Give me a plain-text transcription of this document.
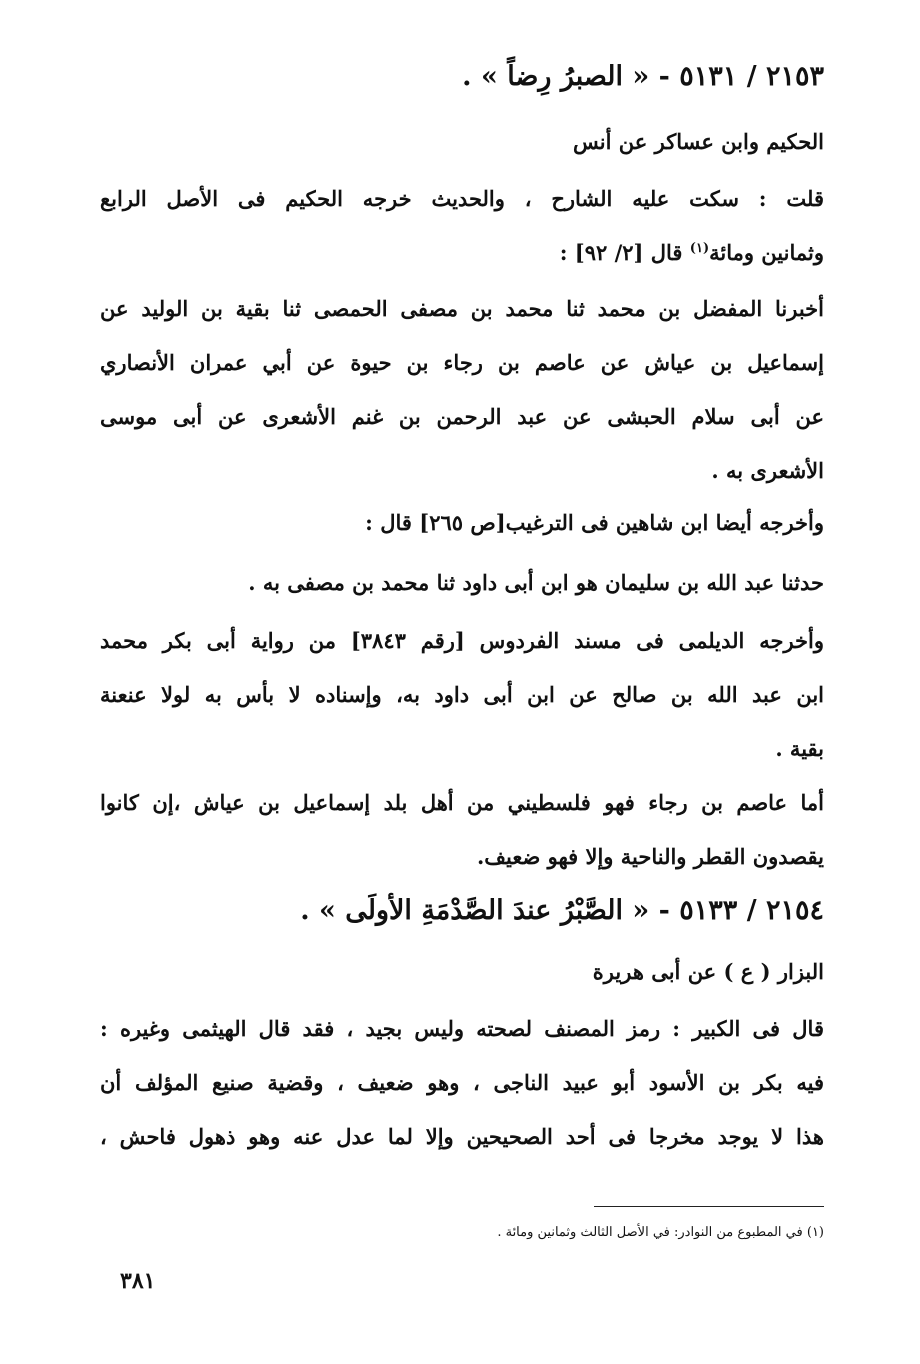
٢١٥٣ / ٥١٣١ - « الصبرُ رِضاً » .
الحكيم وابن عساكر عن أنس
قلت : سكت عليه الشارح ، والحديث خرجه الحكيم فى الأصل الرابع
وثمانين ومائة$^{(١)}$ قال [٢/ ٩٢] :
أخبرنا المفضل بن محمد ثنا محمد بن مصفى الحمصى ثنا بقية بن الوليد عن
إسماعيل بن عياش عن عاصم بن رجاء بن حيوة عن أبي عمران الأنصاري
عن أبى سلام الحبشى عن عبد الرحمن بن غنم الأشعرى عن أبى موسى
الأشعرى به .
وأخرجه أيضا ابن شاهين فى الترغيب[ص ٢٦٥] قال :
حدثنا عبد الله بن سليمان هو ابن أبى داود ثنا محمد بن مصفى به .
وأخرجه الديلمى فى مسند الفردوس [رقم ٣٨٤٣] من رواية أبى بكر محمد
ابن عبد الله بن صالح عن ابن أبى داود به، وإسناده لا بأس به لولا عنعنة
بقية .
أما عاصم بن رجاء فهو فلسطيني من أهل بلد إسماعيل بن عياش ،إن كانوا
يقصدون القطر والناحية وإلا فهو ضعيف.
٢١٥٤ / ٥١٣٣ - « الصَّبْرُ عندَ الصَّدْمَةِ الأولَى » .
البزار ( ع ) عن أبى هريرة
قال فى الكبير : رمز المصنف لصحته وليس بجيد ، فقد قال الهيثمى وغيره :
فيه بكر بن الأسود أبو عبيد الناجى ، وهو ضعيف ، وقضية صنيع المؤلف أن
هذا لا يوجد مخرجا فى أحد الصحيحين وإلا لما عدل عنه وهو ذهول فاحش ،
(١) في المطبوع من النوادر: في الأصل الثالث وثمانين ومائة .
٣٨١
